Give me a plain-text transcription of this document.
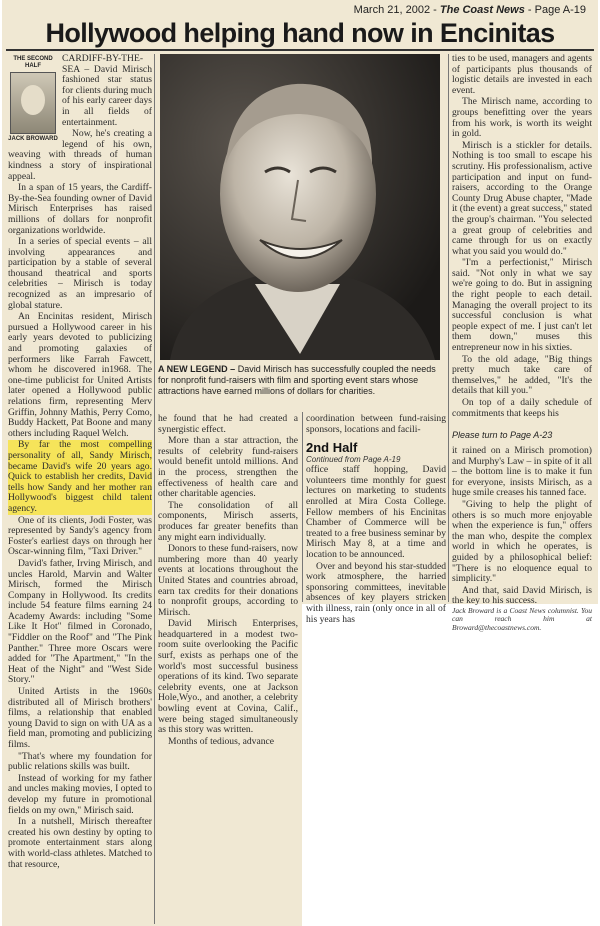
March 21, 2002 - The Coast News - Page A-19
Hollywood helping hand now in Encinitas
THE SECOND HALF
JACK BROWARD

CARDIFF-BY-THE-SEA – David Mirisch fashioned star status for clients during much of his early career days in all fields of entertainment.

Now, he's creating a legend of his own, weaving with threads of human kindness a story of inspirational appeal.

In a span of 15 years, the Cardiff-By-the-Sea founding owner of David Mirisch Enterprises has raised millions of dollars for nonprofit organizations worldwide.

In a series of special events – all involving appearances and participation by a stable of several thousand theatrical and sports celebrities – Mirisch is today recognized as an impresario of global stature.

An Encinitas resident, Mirisch pursued a Hollywood career in his early years devoted to publicizing and promoting galaxies of performers like Farrah Fawcett, whom he discovered in1968. The one-time publicist for United Artists later opened a Hollywood public relations firm, representing Merv Griffin, Johnny Mathis, Perry Como, Buddy Hackett, Pat Boone and many others including Raquel Welch.

By far the most compelling personality of all, Sandy Mirisch, became David's wife 20 years ago. Quick to establish her credits, David tells how Sandy and her mother ran Hollywood's biggest child talent agency.

One of its clients, Jodi Foster, was represented by Sandy's agency from Foster's earliest days on through her Oscar-winning film, "Taxi Driver."

David's father, Irving Mirisch, and uncles Harold, Marvin and Walter Mirisch, formed the Mirisch Company in Hollywood. Its credits include 54 feature films earning 24 Academy Awards: including "Some Like It Hot" filmed in Coronado, "Fiddler on the Roof" and "The Pink Panther." Three more Oscars were added for "The Apartment," "In the Heat of the Night" and "West Side Story."

United Artists in the 1960s distributed all of Mirisch brothers' films, a relationship that enabled young David to sign on with UA as a field man, promoting and publicizing films.

"That's where my foundation for public relations skills was built.

Instead of working for my father and uncles making movies, I opted to develop my future in promotional fields on my own," Mirisch said.

In a nutshell, Mirisch thereafter created his own destiny by opting to promote entertainment stars along with world-class athletes. Matched to that resource,

A NEW LEGEND – David Mirisch has successfully coupled the needs for nonprofit fund-raisers with film and sporting event stars whose attractions have earned millions of dollars for charities.

he found that he had created a synergistic effect.

More than a star attraction, the results of celebrity fund-raisers would benefit untold millions. And in the process, strengthen the effectiveness of health care and other charitable agencies.

The consolidation of all components, Mirisch asserts, produces far greater benefits than any might earn individually.

Donors to these fund-raisers, now numbering more than 40 yearly events at locations throughout the United States and countries abroad, earn tax credits for their donations to nonprofit groups, according to Mirisch.

David Mirisch Enterprises, headquartered in a modest two-room suite overlooking the Pacific surf, exists as perhaps one of the world's most successful business operations of its kind. Two separate celebrity events, one at Jackson Hole,Wyo., and another, a celebrity bowling event at Covina, Calif., were being staged simultaneously as this story was written.

Months of tedious, advance

coordination between fund-raising sponsors, locations and facili-

2nd Half
Continued from Page A-19

office staff hopping, David volunteers time monthly for guest lectures on marketing to students enrolled at Mira Costa College. Fellow members of his Encinitas Chamber of Commerce will be treated to a free business seminar by Mirisch May 8, at a time and location to be announced.

Over and beyond his star-studded work atmosphere, the harried sponsoring committees, inevitable absences of key players stricken with illness, rain (only once in all of his years has

ties to be used, managers and agents of participants plus thousands of logistic details are invested in each event.

The Mirisch name, according to groups benefitting over the years from his work, is worth its weight in gold.

Mirisch is a stickler for details. Nothing is too small to escape his scrutiny. His professionalism, active participation and input on fund-raisers, according to the Orange County Drug Abuse chapter, "Made it (the event) a great success," stated the group's chairman. "You selected a great group of celebrities and came through for us on exactly what you said you would do."

"I'm a perfectionist," Mirisch said. "Not only in what we say we're going to do. But in assigning the right people to each detail. Managing the overall project to its successful conclusion is what people expect of me. I just can't let them down," muses this entrepreneur now in his sixties.

To the old adage, "Big things pretty much take care of themselves," he added, "It's the details that kill you."

On top of a daily schedule of commitments that keeps his

Please turn to Page A-23

it rained on a Mirisch promotion) and Murphy's Law – in spite of it all – the bottom line is to make it fun for everyone, insists Mirisch, as a huge smile creases his tanned face.

"Giving to help the plight of others is so much more enjoyable when the experience is fun," offers the man who, despite the complex world in which he operates, is guided by a philosophical belief: "There is no eloquence equal to simplicity."

And that, said David Mirisch, is the key to his success.

Jack Broward is a Coast News columnist. You can reach him at Broward@thecoastnews.com.
